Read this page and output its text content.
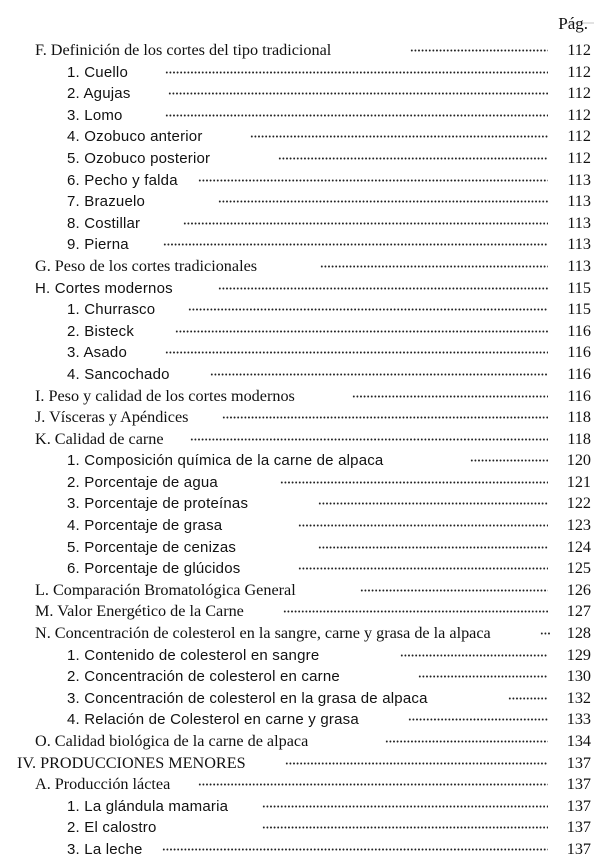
Pág.
F. Definición de los cortes del tipo tradicional	112
1. Cuello	112
2. Agujas	112
3. Lomo	112
4. Ozobuco anterior	112
5. Ozobuco posterior	112
6. Pecho y falda	113
7. Brazuelo	113
8. Costillar	113
9. Pierna	113
G. Peso de los cortes tradicionales	113
H. Cortes modernos	115
1. Churrasco	115
2. Bisteck	116
3. Asado	116
4. Sancochado	116
I. Peso y calidad de los cortes modernos	116
J. Vísceras y Apéndices	118
K. Calidad de carne	118
1. Composición química de la carne de alpaca	120
2. Porcentaje de agua	121
3. Porcentaje de proteínas	122
4. Porcentaje de grasa	123
5. Porcentaje de cenizas	124
6. Porcentaje de glúcidos	125
L. Comparación Bromatológica General	126
M. Valor Energético de la Carne	127
N. Concentración de colesterol en la sangre, carne y grasa de la alpaca	128
1. Contenido de colesterol en sangre	129
2. Concentración de colesterol en carne	130
3. Concentración de colesterol en la grasa de alpaca	132
4. Relación de Colesterol en carne y grasa	133
O. Calidad biológica de la carne de alpaca	134
IV. PRODUCCIONES MENORES	137
A. Producción láctea	137
1. La glándula mamaria	137
2. El calostro	137
3. La leche	137
